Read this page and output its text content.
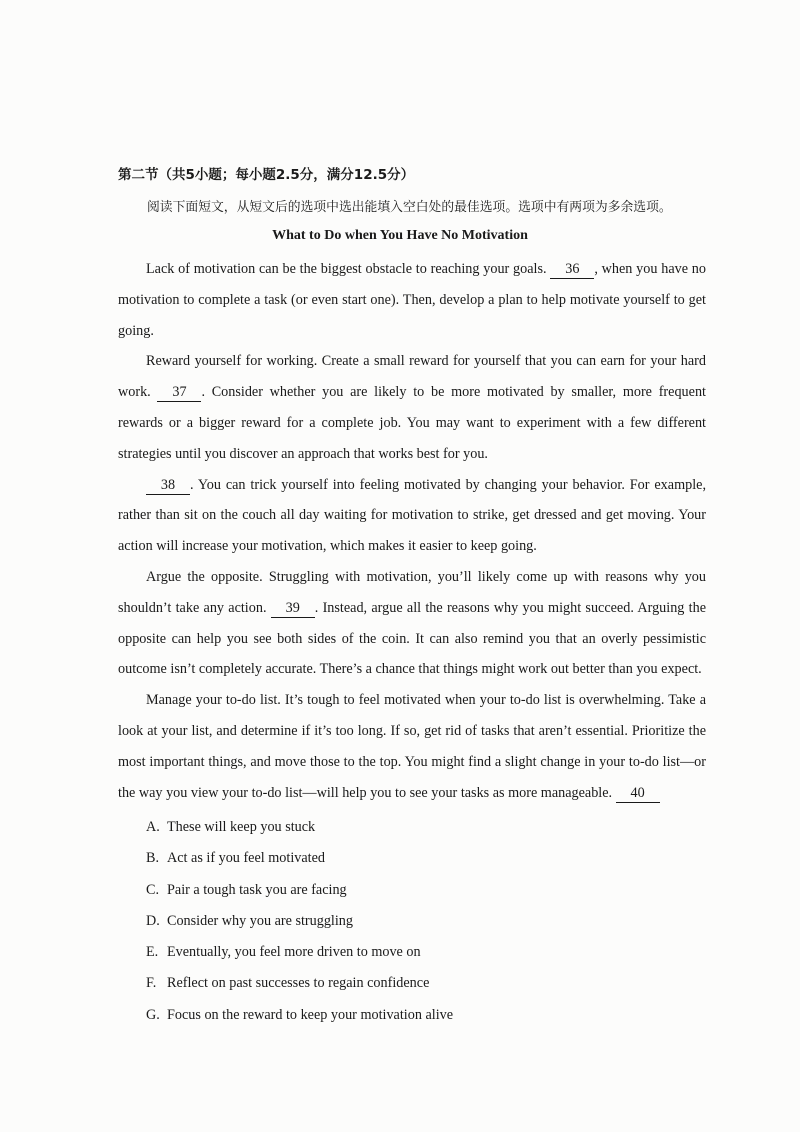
第二节（共5小题；每小题2.5分，满分12.5分）
阅读下面短文，从短文后的选项中选出能填入空白处的最佳选项。选项中有两项为多余选项。
What to Do when You Have No Motivation

Lack of motivation can be the biggest obstacle to reaching your goals. 36 , when you have no motivation to complete a task (or even start one). Then, develop a plan to help motivate yourself to get going.

Reward yourself for working. Create a small reward for yourself that you can earn for your hard work. 37 . Consider whether you are likely to be more motivated by smaller, more frequent rewards or a bigger reward for a complete job. You may want to experiment with a few different strategies until you discover an approach that works best for you.

38 . You can trick yourself into feeling motivated by changing your behavior. For example, rather than sit on the couch all day waiting for motivation to strike, get dressed and get moving. Your action will increase your motivation, which makes it easier to keep going.

Argue the opposite. Struggling with motivation, you’ll likely come up with reasons why you shouldn’t take any action. 39 . Instead, argue all the reasons why you might succeed. Arguing the opposite can help you see both sides of the coin. It can also remind you that an overly pessimistic outcome isn’t completely accurate. There’s a chance that things might work out better than you expect.

Manage your to-do list. It’s tough to feel motivated when your to-do list is overwhelming. Take a look at your list, and determine if it’s too long. If so, get rid of tasks that aren’t essential. Prioritize the most important things, and move those to the top. You might find a slight change in your to-do list—or the way you view your to-do list—will help you to see your tasks as more manageable. 40

A. These will keep you stuck

B. Act as if you feel motivated

C. Pair a tough task you are facing

D. Consider why you are struggling

E. Eventually, you feel more driven to move on

F. Reflect on past successes to regain confidence

G. Focus on the reward to keep your motivation alive
